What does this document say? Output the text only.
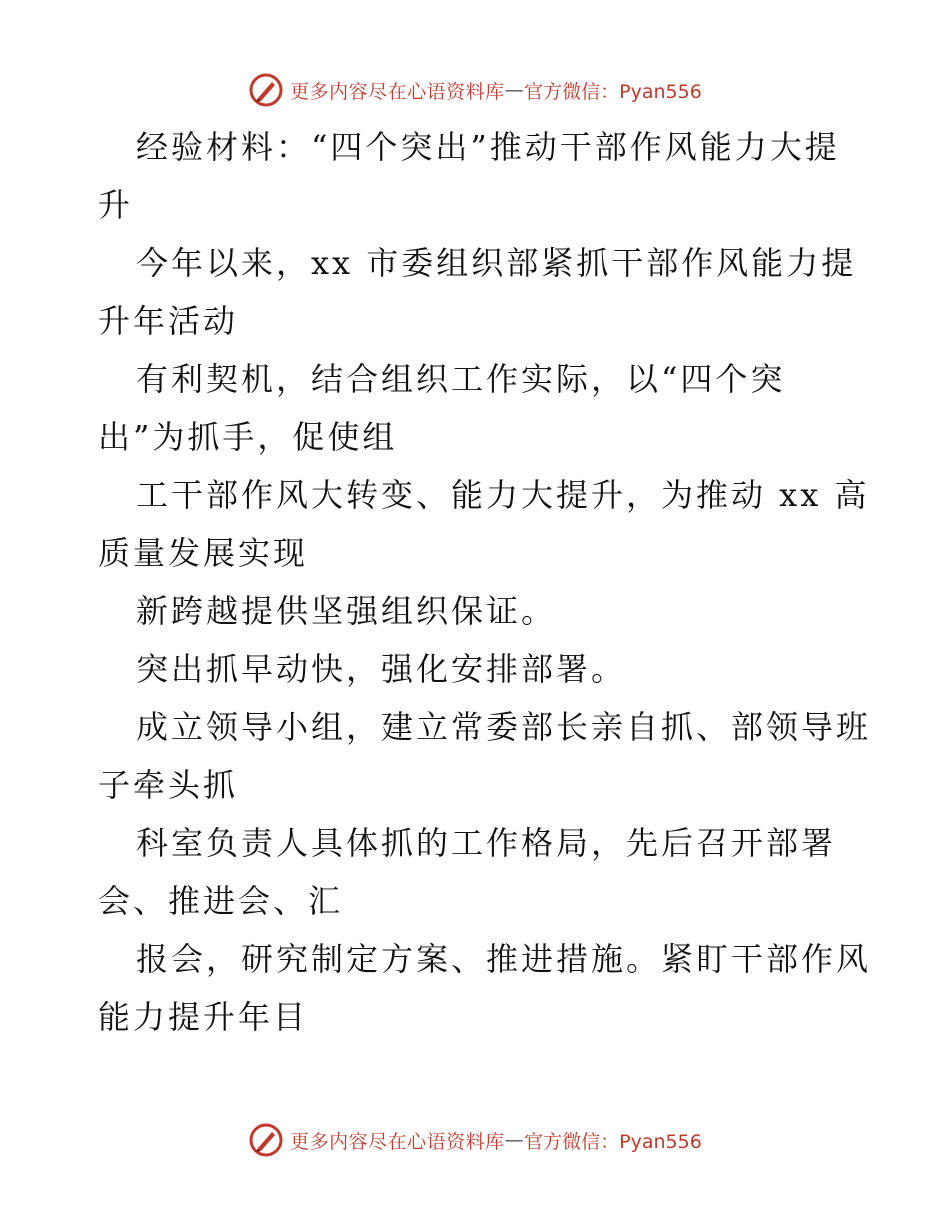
更多内容尽在心语资料库 — 官方微信：Pyan556
经验材料：“四个突出”推动干部作风能力大提
升
今年以来，xx 市委组织部紧抓干部作风能力提
升年活动
有利契机，结合组织工作实际，以“四个突
出”为抓手，促使组
工干部作风大转变、能力大提升，为推动 xx 高
质量发展实现
新跨越提供坚强组织保证。
突出抓早动快，强化安排部署。
成立领导小组，建立常委部长亲自抓、部领导班
子牵头抓
科室负责人具体抓的工作格局，先后召开部署
会、推进会、汇
报会，研究制定方案、推进措施。紧盯干部作风
能力提升年目
更多内容尽在心语资料库 — 官方微信：Pyan556
